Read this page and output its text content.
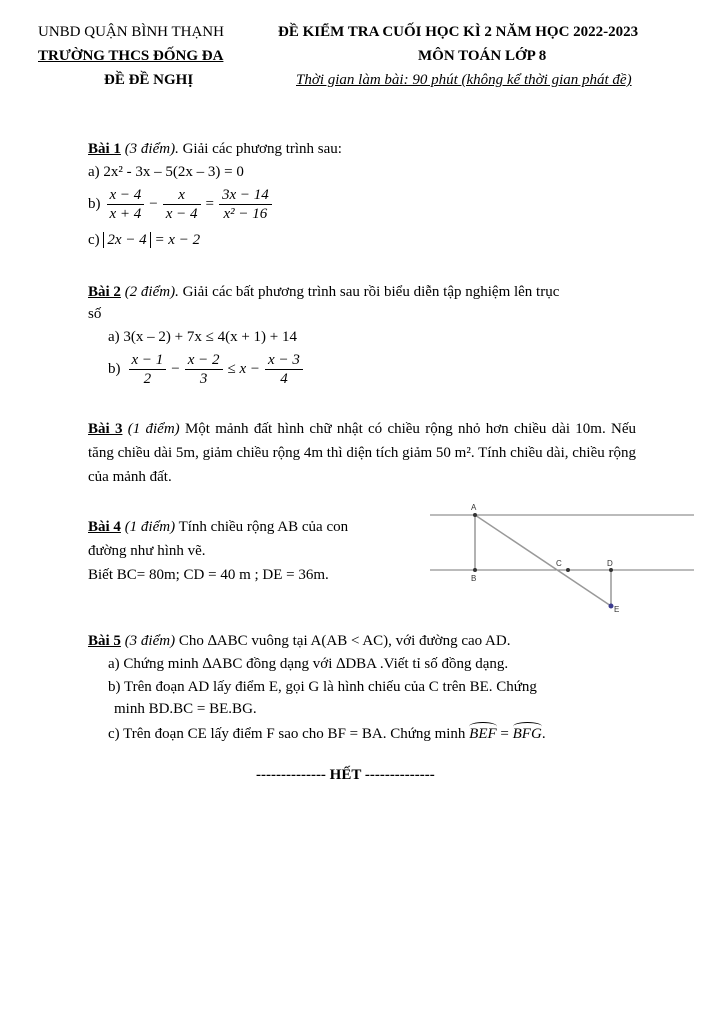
UNBD QUẬN BÌNH THẠNH
TRƯỜNG THCS ĐỐNG ĐA
ĐỀ ĐỀ NGHỊ
ĐỀ KIỂM TRA CUỐI HỌC KÌ 2 NĂM HỌC 2022-2023
MÔN TOÁN LỚP 8
Thời gian làm bài: 90 phút (không kể thời gian phát đề)
Bài 1 (3 điểm). Giải các phương trình sau:
a) 2x² - 3x – 5(2x – 3) = 0
$b) \frac{x - 4}{x + 4} - \frac{x}{x - 4} = \frac{3x - 14}{\text{x² − 16}}$
c) 2x − 4 = x − 2
Bài 2 (2 điểm). Giải các bất phương trình sau rồi biểu diễn tập nghiệm lên trục
số
a) 3(x – 2) + 7x ≤ 4(x + 1) + 14
$b) \frac{x - 1}{2} - \frac{x - 2}{3} \le x - \frac{x - 3}{4}$
Bài 3 (1 điểm) Một mảnh đất hình chữ nhật có chiều rộng nhỏ hơn chiều dài 10m. Nếu tăng chiều dài 5m, giảm chiều rộng 4m thì diện tích giảm 50 m². Tính chiều dài, chiều rộng của mảnh đất.
Bài 4 (1 điểm) Tính chiều rộng AB của con
đường như hình vẽ.
Biết BC= 80m; CD = 40 m ; DE = 36m.
A
B
C	D
E
Bài 5 (3 điểm) Cho ∆ABC vuông tại A(AB < AC), với đường cao AD.
a) Chứng minh ∆ABC đồng dạng với ∆DBA .Viết tỉ số đồng dạng.
b) Trên đoạn AD lấy điểm E, gọi G là hình chiếu của C trên BE. Chứng
minh BD.BC = BE.BG.
c) Trên đoạn CE lấy điểm F sao cho BF = BA. Chứng minh BEF = BFG.
-------------- HẾT --------------
